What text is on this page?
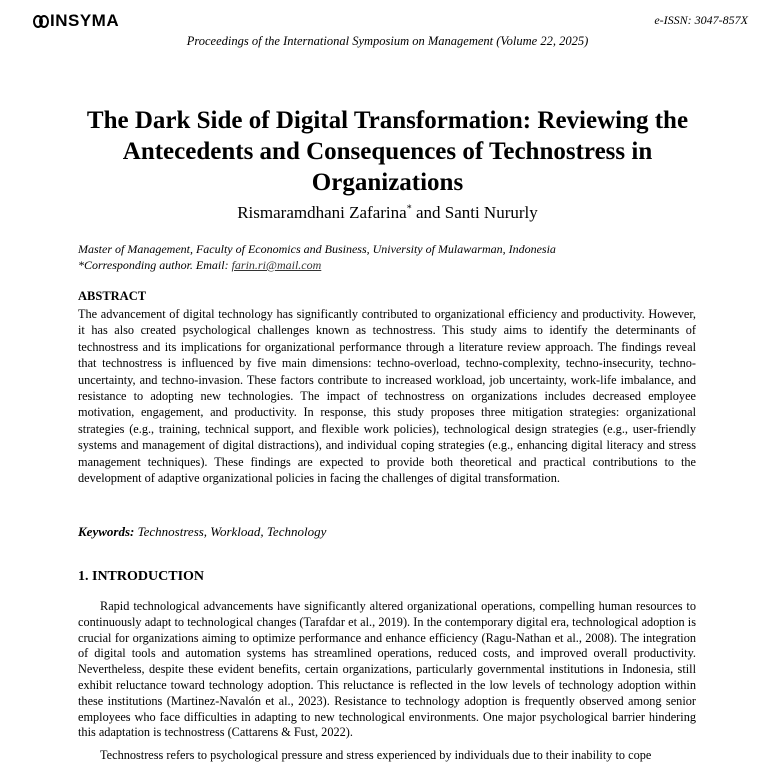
INSYMA	e-ISSN: 3047-857X
Proceedings of the International Symposium on Management (Volume 22, 2025)
The Dark Side of Digital Transformation: Reviewing the Antecedents and Consequences of Technostress in Organizations
Rismaramdhani Zafarina* and Santi Nururly
Master of Management, Faculty of Economics and Business, University of Mulawarman, Indonesia
*Corresponding author. Email: farin.ri@mail.com
ABSTRACT
The advancement of digital technology has significantly contributed to organizational efficiency and productivity. However, it has also created psychological challenges known as technostress. This study aims to identify the determinants of technostress and its implications for organizational performance through a literature review approach. The findings reveal that technostress is influenced by five main dimensions: techno-overload, techno-complexity, techno-insecurity, techno-uncertainty, and techno-invasion. These factors contribute to increased workload, job uncertainty, work-life imbalance, and resistance to adopting new technologies. The impact of technostress on organizations includes decreased employee motivation, engagement, and productivity. In response, this study proposes three mitigation strategies: organizational strategies (e.g., training, technical support, and flexible work policies), technological design strategies (e.g., user-friendly systems and management of digital distractions), and individual coping strategies (e.g., enhancing digital literacy and stress management techniques). These findings are expected to provide both theoretical and practical contributions to the development of adaptive organizational policies in facing the challenges of digital transformation.
Keywords: Technostress, Workload, Technology
1. INTRODUCTION

Rapid technological advancements have significantly altered organizational operations, compelling human resources to continuously adapt to technological changes (Tarafdar et al., 2019). In the contemporary digital era, technological adoption is crucial for organizations aiming to optimize performance and enhance efficiency (Ragu-Nathan et al., 2008). The integration of digital tools and automation systems has streamlined operations, reduced costs, and improved overall productivity. Nevertheless, despite these evident benefits, certain organizations, particularly governmental institutions in Indonesia, still exhibit reluctance toward technology adoption. This reluctance is reflected in the low levels of technology adoption within these institutions (Martinez-Navalón et al., 2023). Resistance to technology adoption is frequently observed among senior employees who face difficulties in adapting to new technological environments. One major psychological barrier hindering this adaptation is technostress (Cattarens & Fust, 2022).

Technostress refers to psychological pressure and stress experienced by individuals due to their inability to cope
